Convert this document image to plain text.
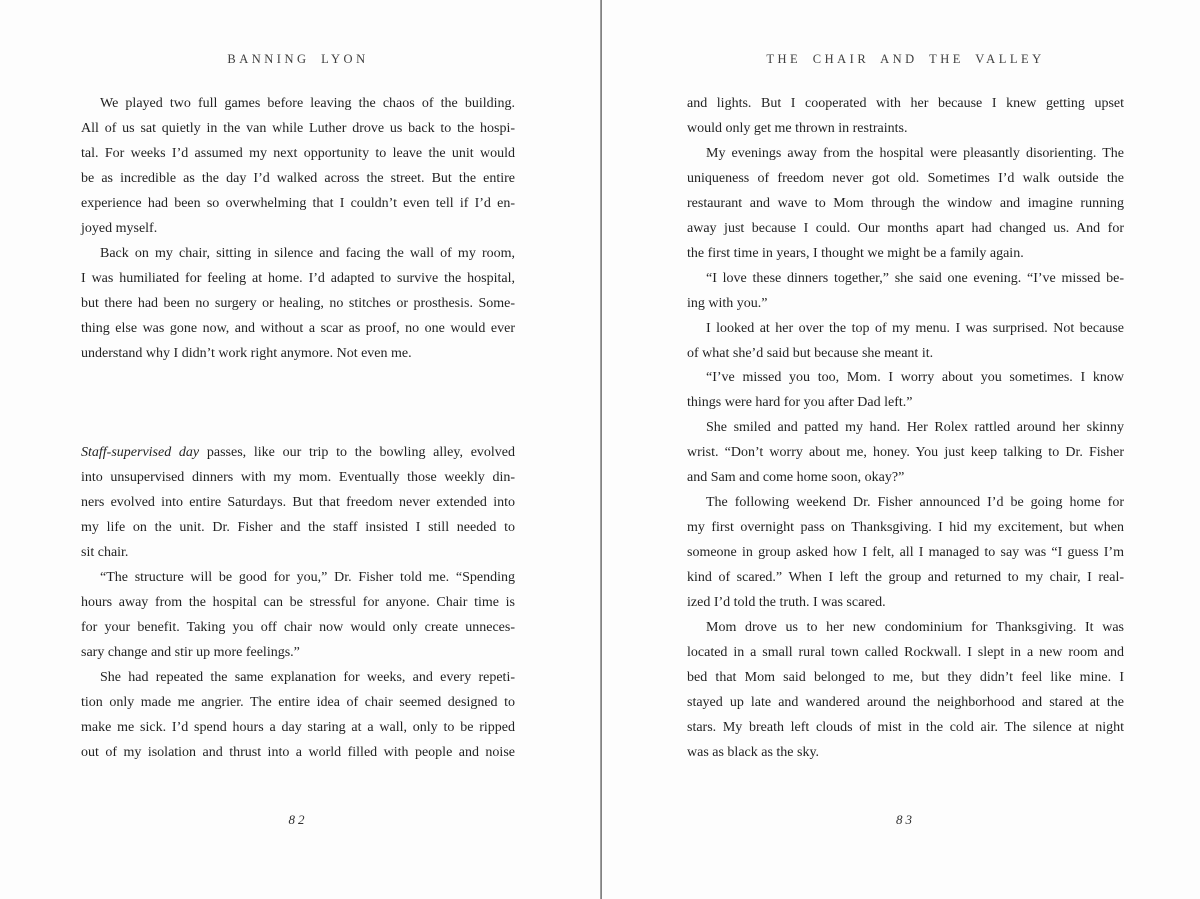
BANNING LYON
We played two full games before leaving the chaos of the building.
All of us sat quietly in the van while Luther drove us back to the hospi-
tal. For weeks I’d assumed my next opportunity to leave the unit would
be as incredible as the day I’d walked across the street. But the entire
experience had been so overwhelming that I couldn’t even tell if I’d en-
joyed myself.
Back on my chair, sitting in silence and facing the wall of my room,
I was humiliated for feeling at home. I’d adapted to survive the hospital,
but there had been no surgery or healing, no stitches or prosthesis. Some-
thing else was gone now, and without a scar as proof, no one would ever
understand why I didn’t work right anymore. Not even me.
Staff-supervised day passes, like our trip to the bowling alley, evolved
into unsupervised dinners with my mom. Eventually those weekly din-
ners evolved into entire Saturdays. But that freedom never extended into
my life on the unit. Dr. Fisher and the staff insisted I still needed to
sit chair.
“The structure will be good for you,” Dr. Fisher told me. “Spending
hours away from the hospital can be stressful for anyone. Chair time is
for your benefit. Taking you off chair now would only create unneces-
sary change and stir up more feelings.”
She had repeated the same explanation for weeks, and every repeti-
tion only made me angrier. The entire idea of chair seemed designed to
make me sick. I’d spend hours a day staring at a wall, only to be ripped
out of my isolation and thrust into a world filled with people and noise
82
THE CHAIR AND THE VALLEY
and lights. But I cooperated with her because I knew getting upset
would only get me thrown in restraints.
My evenings away from the hospital were pleasantly disorienting. The
uniqueness of freedom never got old. Sometimes I’d walk outside the
restaurant and wave to Mom through the window and imagine running
away just because I could. Our months apart had changed us. And for
the first time in years, I thought we might be a family again.
“I love these dinners together,” she said one evening. “I’ve missed be-
ing with you.”
I looked at her over the top of my menu. I was surprised. Not because
of what she’d said but because she meant it.
“I’ve missed you too, Mom. I worry about you sometimes. I know
things were hard for you after Dad left.”
She smiled and patted my hand. Her Rolex rattled around her skinny
wrist. “Don’t worry about me, honey. You just keep talking to Dr. Fisher
and Sam and come home soon, okay?”
The following weekend Dr. Fisher announced I’d be going home for
my first overnight pass on Thanksgiving. I hid my excitement, but when
someone in group asked how I felt, all I managed to say was “I guess I’m
kind of scared.” When I left the group and returned to my chair, I real-
ized I’d told the truth. I was scared.
Mom drove us to her new condominium for Thanksgiving. It was
located in a small rural town called Rockwall. I slept in a new room and
bed that Mom said belonged to me, but they didn’t feel like mine. I
stayed up late and wandered around the neighborhood and stared at the
stars. My breath left clouds of mist in the cold air. The silence at night
was as black as the sky.
83
